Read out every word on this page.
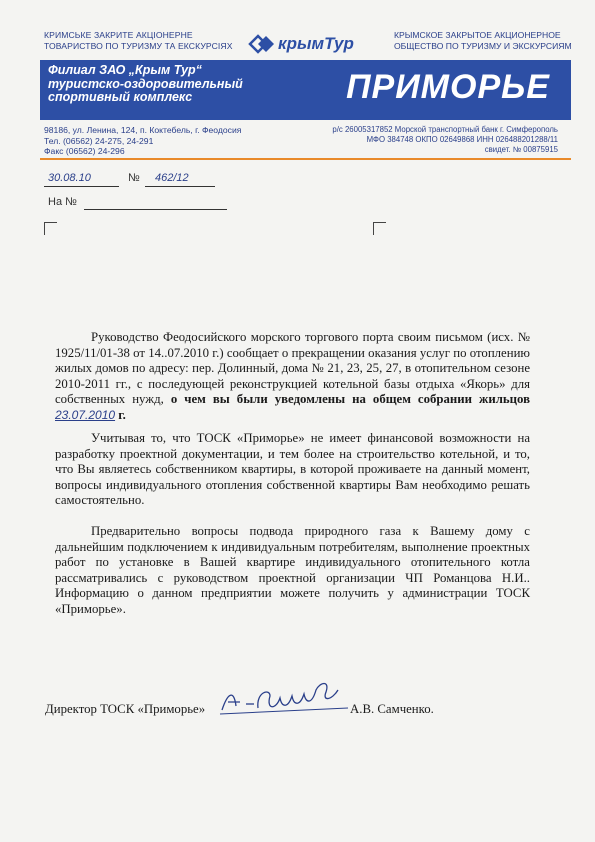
КРИМСЬКЕ ЗАКРИТЕ АКЦІОНЕРНЕ
ТОВАРИСТВО ПО ТУРИЗМУ ТА ЕКСКУРСІЯХ	крымТур	КРЫМСКОЕ ЗАКРЫТОЕ АКЦИОНЕРНОЕ
ОБЩЕСТВО ПО ТУРИЗМУ И ЭКСКУРСИЯМ
Филиал ЗАО „Крым Тур“
туристско-оздоровительный
спортивный комплекс	ПРИМОРЬЕ
98186, ул. Ленина, 124, п. Коктебель, г. Феодосия
Тел. (06562) 24-275, 24-291
Факс (06562) 24-296
р/с 26005317852 Морской транспортный банк г. Симферополь
МФО 384748 ОКПО 02649868 ИНН 026488201288/11
свидет. № 00875915
30.08.10	№ 462/12
На №
Руководство Феодосийского морского торгового порта своим письмом (исх. № 1925/11/01-38 от 14..07.2010 г.) сообщает о прекращении оказания услуг по отоплению жилых домов по адресу: пер. Долинный, дома № 21, 23, 25, 27, в отопительном сезоне 2010-2011 гг., с последующей реконструкцией котельной базы отдыха «Якорь» для собственных нужд, о чем вы были уведомлены на общем собрании жильцов 23.07.2010 г.
Учитывая то, что ТОСК «Приморье» не имеет финансовой возможности на разработку проектной документации, и тем более на строительство котельной, и то, что Вы являетесь собственником квартиры, в которой проживаете на данный момент, вопросы индивидуального отопления собственной квартиры Вам необходимо решать самостоятельно.
Предварительно вопросы подвода природного газа к Вашему дому с дальнейшим подключением к индивидуальным потребителям, выполнение проектных работ по установке в Вашей квартире индивидуального отопительного котла рассматривались с руководством проектной организации ЧП Романцова Н.И.. Информацию о данном предприятии можете получить у администрации ТОСК «Приморье».
Директор ТОСК «Приморье»	А.В. Самченко.
